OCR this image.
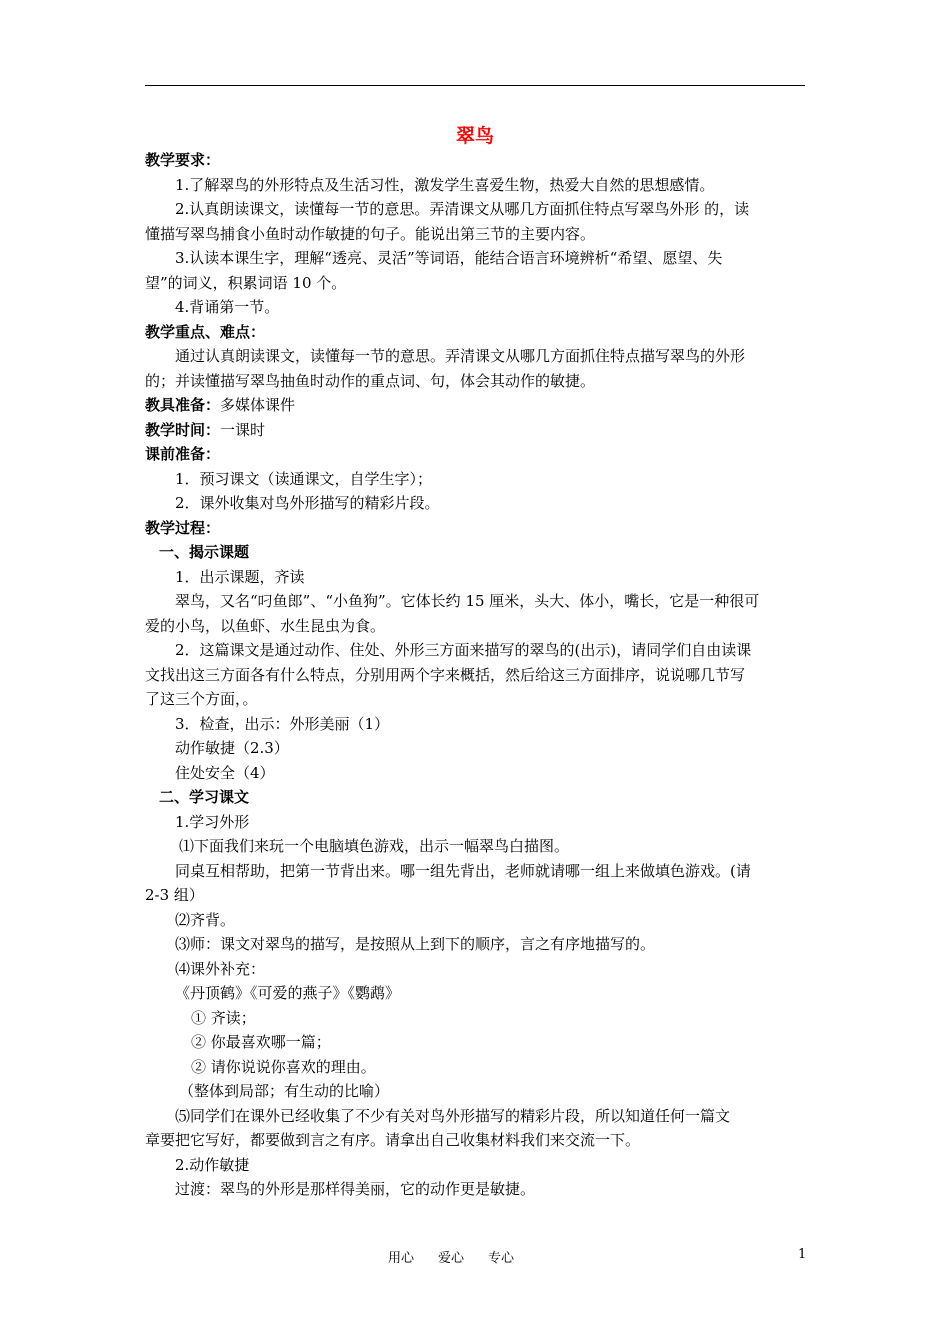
翠鸟

教学要求：

1.了解翠鸟的外形特点及生活习性，激发学生喜爱生物，热爱大自然的思想感情。

2.认真朗读课文，读懂每一节的意思。弄清课文从哪几方面抓住特点写翠鸟外形 的，读

懂描写翠鸟捕食小鱼时动作敏捷的句子。能说出第三节的主要内容。

3.认读本课生字，理解“透亮、灵活”等词语，能结合语言环境辨析“希望、愿望、失

望”的词义，积累词语 10 个。

4.背诵第一节。

教学重点、难点：

通过认真朗读课文，读懂每一节的意思。弄清课文从哪几方面抓住特点描写翠鸟的外形

的；并读懂描写翠鸟抽鱼时动作的重点词、句，体会其动作的敏捷。

教具准备：多媒体课件

教学时间：一课时

课前准备：

1．预习课文（读通课文，自学生字）；

2．课外收集对鸟外形描写的精彩片段。

教学过程：

一、揭示课题

1．出示课题，齐读

翠鸟，又名“叼鱼郎”、“小鱼狗”。它体长约 15 厘米，头大、体小，嘴长，它是一种很可

爱的小鸟，以鱼虾、水生昆虫为食。

2．这篇课文是通过动作、住处、外形三方面来描写的翠鸟的(出示)，请同学们自由读课

文找出这三方面各有什么特点，分别用两个字来概括，然后给这三方面排序，说说哪几节写

了这三个方面，。

3．检查，出示：外形美丽（1）

动作敏捷（2.3）

住处安全（4）

二、学习课文

1.学习外形

⑴下面我们来玩一个电脑填色游戏，出示一幅翠鸟白描图。

同桌互相帮助，把第一节背出来。哪一组先背出，老师就请哪一组上来做填色游戏。(请

2-3 组）

⑵齐背。

⑶师：课文对翠鸟的描写，是按照从上到下的顺序，言之有序地描写的。

⑷课外补充：

《丹顶鹤》《可爱的燕子》《鹦鹉》

① 齐读；

② 你最喜欢哪一篇；

② 请你说说你喜欢的理由。

（整体到局部；有生动的比喻）

⑸同学们在课外已经收集了不少有关对鸟外形描写的精彩片段，所以知道任何一篇文

章要把它写好，都要做到言之有序。请拿出自己收集材料我们来交流一下。

2.动作敏捷

过渡：翠鸟的外形是那样得美丽，它的动作更是敏捷。

用心 爱心 专心	1
